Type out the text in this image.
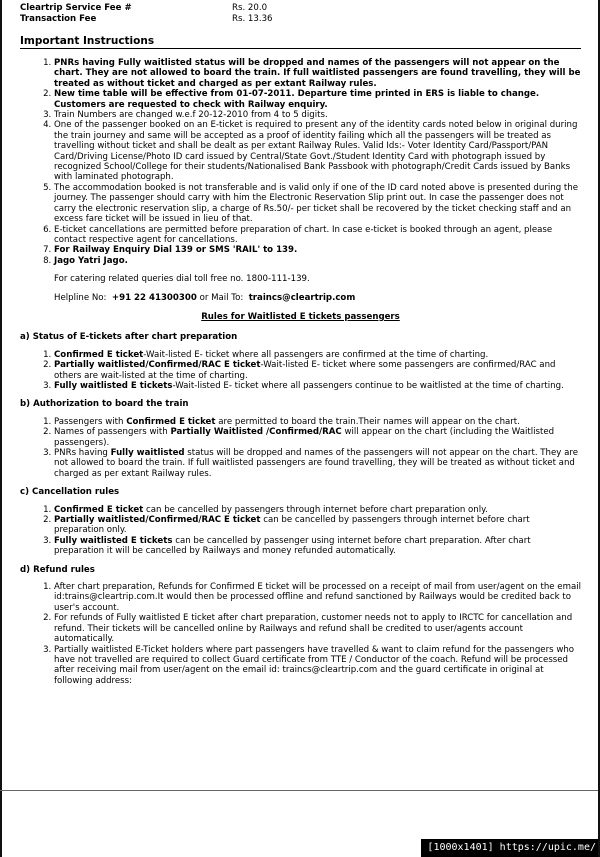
Cleartrip Service Fee #	Rs. 20.0
Transaction Fee	Rs. 13.36
Important Instructions
1. PNRs having Fully waitlisted status will be dropped and names of the passengers will not appear on the chart. They are not allowed to board the train. If full waitlisted passengers are found travelling, they will be treated as without ticket and charged as per extant Railway rules.
2. New time table will be effective from 01-07-2011. Departure time printed in ERS is liable to change. Customers are requested to check with Railway enquiry.
3. Train Numbers are changed w.e.f 20-12-2010 from 4 to 5 digits.
4. One of the passenger booked on an E-ticket is required to present any of the identity cards noted below in original during the train journey and same will be accepted as a proof of identity failing which all the passengers will be treated as travelling without ticket and shall be dealt as per extant Railway Rules. Valid Ids:- Voter Identity Card/Passport/PAN Card/Driving License/Photo ID card issued by Central/State Govt./Student Identity Card with photograph issued by recognized School/College for their students/Nationalised Bank Passbook with photograph/Credit Cards issued by Banks with laminated photograph.
5. The accommodation booked is not transferable and is valid only if one of the ID card noted above is presented during the journey. The passenger should carry with him the Electronic Reservation Slip print out. In case the passenger does not carry the electronic reservation slip, a charge of Rs.50/- per ticket shall be recovered by the ticket checking staff and an excess fare ticket will be issued in lieu of that.
6. E-ticket cancellations are permitted before preparation of chart. In case e-ticket is booked through an agent, please contact respective agent for cancellations.
7. For Railway Enquiry Dial 139 or SMS 'RAIL' to 139.
8. Jago Yatri Jago.
For catering related queries dial toll free no. 1800-111-139.
Helpline No: +91 22 41300300 or Mail To: traincs@cleartrip.com
Rules for Waitlisted E tickets passengers
a) Status of E-tickets after chart preparation
1. Confirmed E ticket-Wait-listed E- ticket where all passengers are confirmed at the time of charting.
2. Partially waitlisted/Confirmed/RAC E ticket-Wait-listed E- ticket where some passengers are confirmed/RAC and others are wait-listed at the time of charting.
3. Fully waitlisted E tickets-Wait-listed E- ticket where all passengers continue to be waitlisted at the time of charting.
b) Authorization to board the train
1. Passengers with Confirmed E ticket are permitted to board the train.Their names will appear on the chart.
2. Names of passengers with Partially Waitlisted /Confirmed/RAC will appear on the chart (including the Waitlisted passengers).
3. PNRs having Fully waitlisted status will be dropped and names of the passengers will not appear on the chart. They are not allowed to board the train. If full waitlisted passengers are found travelling, they will be treated as without ticket and charged as per extant Railway rules.
c) Cancellation rules
1. Confirmed E ticket can be cancelled by passengers through internet before chart preparation only.
2. Partially waitlisted/Confirmed/RAC E ticket can be cancelled by passengers through internet before chart preparation only.
3. Fully waitlisted E tickets can be cancelled by passenger using internet before chart preparation. After chart preparation it will be cancelled by Railways and money refunded automatically.
d) Refund rules
1. After chart preparation, Refunds for Confirmed E ticket will be processed on a receipt of mail from user/agent on the email id:trains@cleartrip.com.It would then be processed offline and refund sanctioned by Railways would be credited back to user's account.
2. For refunds of Fully waitlisted E ticket after chart preparation, customer needs not to apply to IRCTC for cancellation and refund. Their tickets will be cancelled online by Railways and refund shall be credited to user/agents account automatically.
3. Partially waitlisted E-Ticket holders where part passengers have travelled & want to claim refund for the passengers who have not travelled are required to collect Guard certificate from TTE / Conductor of the coach. Refund will be processed after receiving mail from user/agent on the email id: traincs@cleartrip.com and the guard certificate in original at following address:
[1000x1401] https://upic.me/
